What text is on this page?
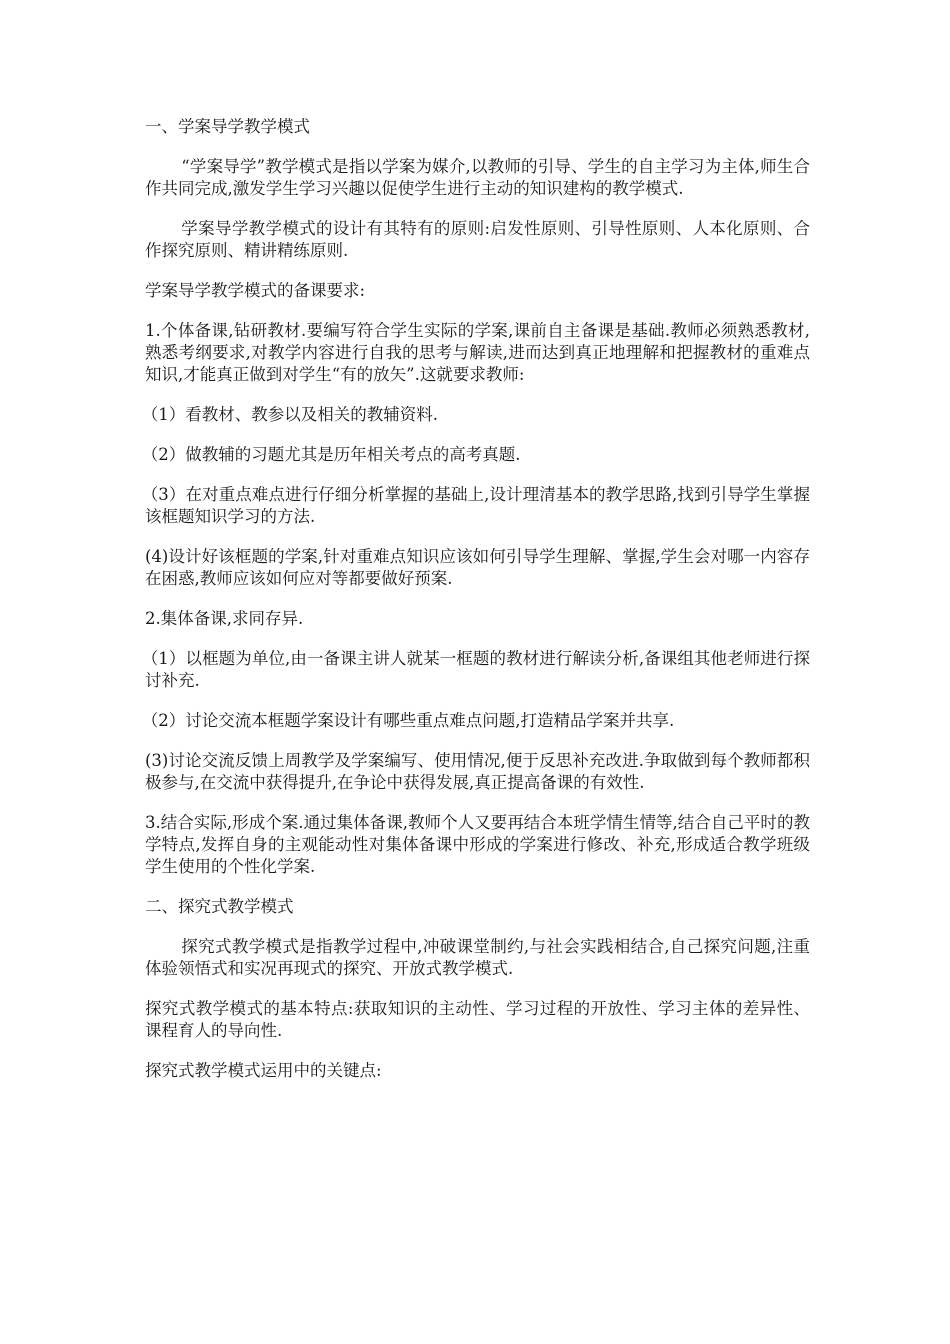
一、学案导学教学模式

“学案导学”教学模式是指以学案为媒介,以教师的引导、学生的自主学习为主体,师生合作共同完成,激发学生学习兴趣以促使学生进行主动的知识建构的教学模式.

学案导学教学模式的设计有其特有的原则:启发性原则、引导性原则、人本化原则、合作探究原则、精讲精练原则.

学案导学教学模式的备课要求:

1.个体备课,钻研教材.要编写符合学生实际的学案,课前自主备课是基础.教师必须熟悉教材,熟悉考纲要求,对教学内容进行自我的思考与解读,进而达到真正地理解和把握教材的重难点知识,才能真正做到对学生“有的放矢”.这就要求教师:

（1）看教材、教参以及相关的教辅资料.

（2）做教辅的习题尤其是历年相关考点的高考真题.

（3）在对重点难点进行仔细分析掌握的基础上,设计理清基本的教学思路,找到引导学生掌握该框题知识学习的方法.

(4)设计好该框题的学案,针对重难点知识应该如何引导学生理解、掌握,学生会对哪一内容存在困惑,教师应该如何应对等都要做好预案.

2.集体备课,求同存异.

（1）以框题为单位,由一备课主讲人就某一框题的教材进行解读分析,备课组其他老师进行探讨补充.

（2）讨论交流本框题学案设计有哪些重点难点问题,打造精品学案并共享.

(3)讨论交流反馈上周教学及学案编写、使用情况,便于反思补充改进.争取做到每个教师都积极参与,在交流中获得提升,在争论中获得发展,真正提高备课的有效性.

3.结合实际,形成个案.通过集体备课,教师个人又要再结合本班学情生情等,结合自己平时的教学特点,发挥自身的主观能动性对集体备课中形成的学案进行修改、补充,形成适合教学班级学生使用的个性化学案.

二、探究式教学模式

探究式教学模式是指教学过程中,冲破课堂制约,与社会实践相结合,自己探究问题,注重体验领悟式和实况再现式的探究、开放式教学模式.

探究式教学模式的基本特点:获取知识的主动性、学习过程的开放性、学习主体的差异性、课程育人的导向性.

探究式教学模式运用中的关键点:
